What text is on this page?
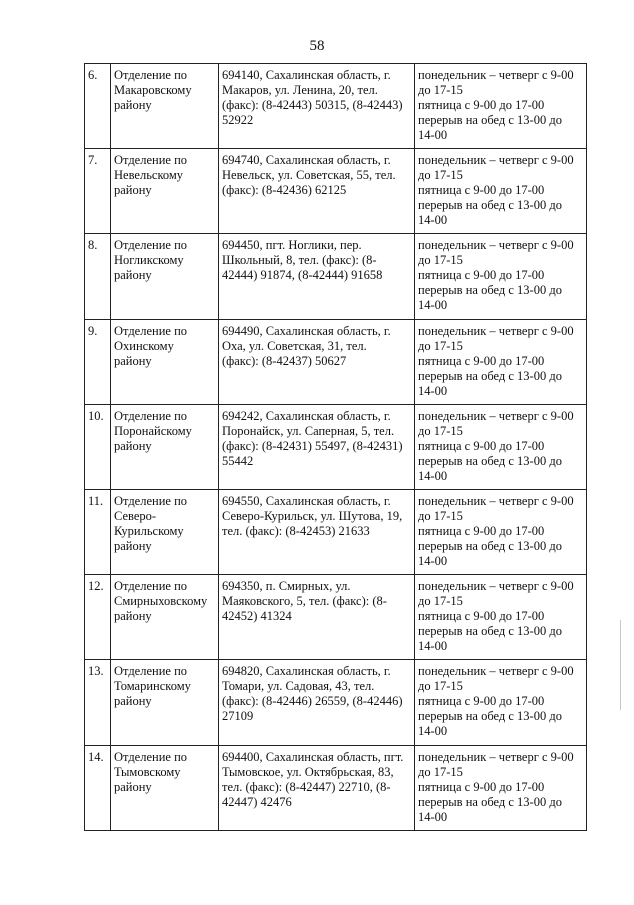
58
6.	Отделение по
Макаровскому
району	694140, Сахалинская область, г.
Макаров, ул. Ленина, 20, тел.
(факс): (8-42443) 50315, (8-42443)
52922	понедельник – четверг с 9-00
до 17-15
пятница с 9-00 до 17-00
перерыв на обед с 13-00 до
14-00

7.	Отделение по
Невельскому
району	694740, Сахалинская область, г.
Невельск, ул. Советская, 55, тел.
(факс): (8-42436) 62125	понедельник – четверг с 9-00
до 17-15
пятница с 9-00 до 17-00
перерыв на обед с 13-00 до
14-00

8.	Отделение по
Ногликскому
району	694450, пгт. Ноглики, пер.
Школьный, 8, тел. (факс): (8-
42444) 91874, (8-42444) 91658	понедельник – четверг с 9-00
до 17-15
пятница с 9-00 до 17-00
перерыв на обед с 13-00 до
14-00

9.	Отделение по
Охинскому
району	694490, Сахалинская область, г.
Оха, ул. Советская, 31, тел.
(факс): (8-42437) 50627	понедельник – четверг с 9-00
до 17-15
пятница с 9-00 до 17-00
перерыв на обед с 13-00 до
14-00

10.	Отделение по
Поронайскому
району	694242, Сахалинская область, г.
Поронайск, ул. Саперная, 5, тел.
(факс): (8-42431) 55497, (8-42431)
55442	понедельник – четверг с 9-00
до 17-15
пятница с 9-00 до 17-00
перерыв на обед с 13-00 до
14-00

11.	Отделение по
Северо-
Курильскому
району	694550, Сахалинская область, г.
Северо-Курильск, ул. Шутова, 19,
тел. (факс): (8-42453) 21633	понедельник – четверг с 9-00
до 17-15
пятница с 9-00 до 17-00
перерыв на обед с 13-00 до
14-00

12.	Отделение по
Смирныховскому
району	694350, п. Смирных, ул.
Маяковского, 5, тел. (факс): (8-
42452) 41324	понедельник – четверг с 9-00
до 17-15
пятница с 9-00 до 17-00
перерыв на обед с 13-00 до
14-00

13.	Отделение по
Томаринскому
району	694820, Сахалинская область, г.
Томари, ул. Садовая, 43, тел.
(факс): (8-42446) 26559, (8-42446)
27109	понедельник – четверг с 9-00
до 17-15
пятница с 9-00 до 17-00
перерыв на обед с 13-00 до
14-00

14.	Отделение по
Тымовскому
району	694400, Сахалинская область, пгт.
Тымовское, ул. Октябрьская, 83,
тел. (факс): (8-42447) 22710, (8-
42447) 42476	понедельник – четверг с 9-00
до 17-15
пятница с 9-00 до 17-00
перерыв на обед с 13-00 до
14-00
